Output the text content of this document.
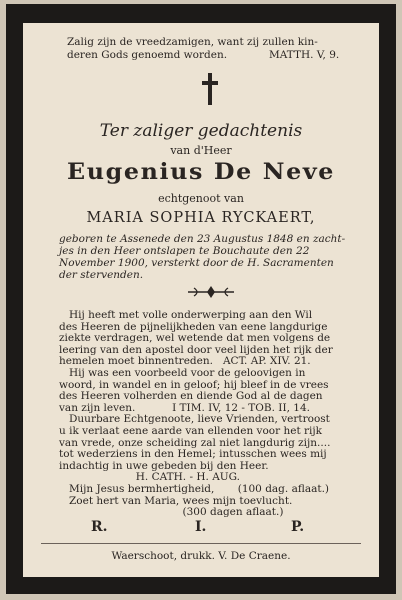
Zalig zijn de vreedzamigen, want zij zullen kin-
deren Gods genoemd worden.	MATTH. V, 9.
Ter zaliger gedachtenis
van d'Heer
Eugenius De Neve
echtgenoot van
MARIA SOPHIA RYCKAERT,
geboren te Assenede den 23 Augustus 1848 en zacht-
jes in den Heer ontslapen te Bouchaute den 22
November 1900, versterkt door de H. Sacramenten
der stervenden.
Hij heeft met volle onderwerping aan den Wil
des Heeren de pijnelijkheden van eene langdurige
ziekte verdragen, wel wetende dat men volgens de
leering van den apostel door veel lijden het rijk der
hemelen moet binnentreden.   ACT. AP. XIV. 21.
Hij was een voorbeeld voor de geloovigen in
woord, in wandel en in geloof; hij bleef in de vrees
des Heeren volherden en diende God al de dagen
van zijn leven.           I TIM. IV, 12 - TOB. II, 14.
Duurbare Echtgenoote, lieve Vrienden, vertroost
u ik verlaat eene aarde van ellenden voor het rijk
van vrede, onze scheiding zal niet langdurig zijn....
tot wederziens in den Hemel; intusschen wees mij
indachtig in uwe gebeden bij den Heer.
H. CATH. - H. AUG.
Mijn Jesus bermhertigheid,       (100 dag. aflaat.)
Zoet hert van Maria, wees mijn toevlucht.
(300 dagen aflaat.)
R.	I.	P.
Waerschoot, drukk. V. De Craene.
